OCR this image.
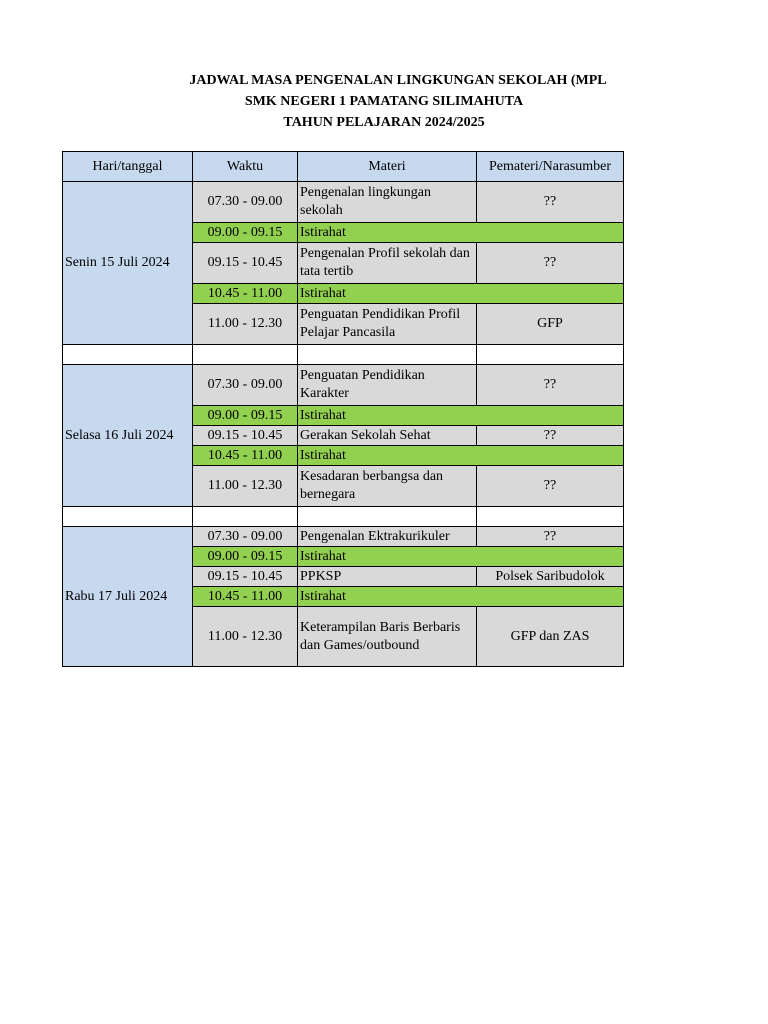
JADWAL MASA PENGENALAN LINGKUNGAN SEKOLAH (MPL
SMK NEGERI 1 PAMATANG SILIMAHUTA
TAHUN PELAJARAN 2024/2025
Hari/tanggal	Waktu	Materi	Pemateri/Narasumber
Senin 15 Juli 2024	07.30 - 09.00	Pengenalan lingkungan sekolah	??
	09.00 - 09.15	Istirahat	
	09.15 - 10.45	Pengenalan Profil sekolah dan tata tertib	??
	10.45 - 11.00	Istirahat	
	11.00 - 12.30	Penguatan Pendidikan Profil Pelajar Pancasila	GFP

Selasa 16 Juli 2024	07.30 - 09.00	Penguatan Pendidikan Karakter	??
	09.00 - 09.15	Istirahat	
	09.15 - 10.45	Gerakan Sekolah Sehat	??
	10.45 - 11.00	Istirahat	
	11.00 - 12.30	Kesadaran berbangsa dan bernegara	??

Rabu 17 Juli 2024	07.30 - 09.00	Pengenalan Ektrakurikuler	??
	09.00 - 09.15	Istirahat	
	09.15 - 10.45	PPKSP	Polsek Saribudolok
	10.45 - 11.00	Istirahat	
	11.00 - 12.30	Keterampilan Baris Berbaris dan Games/outbound	GFP dan ZAS
